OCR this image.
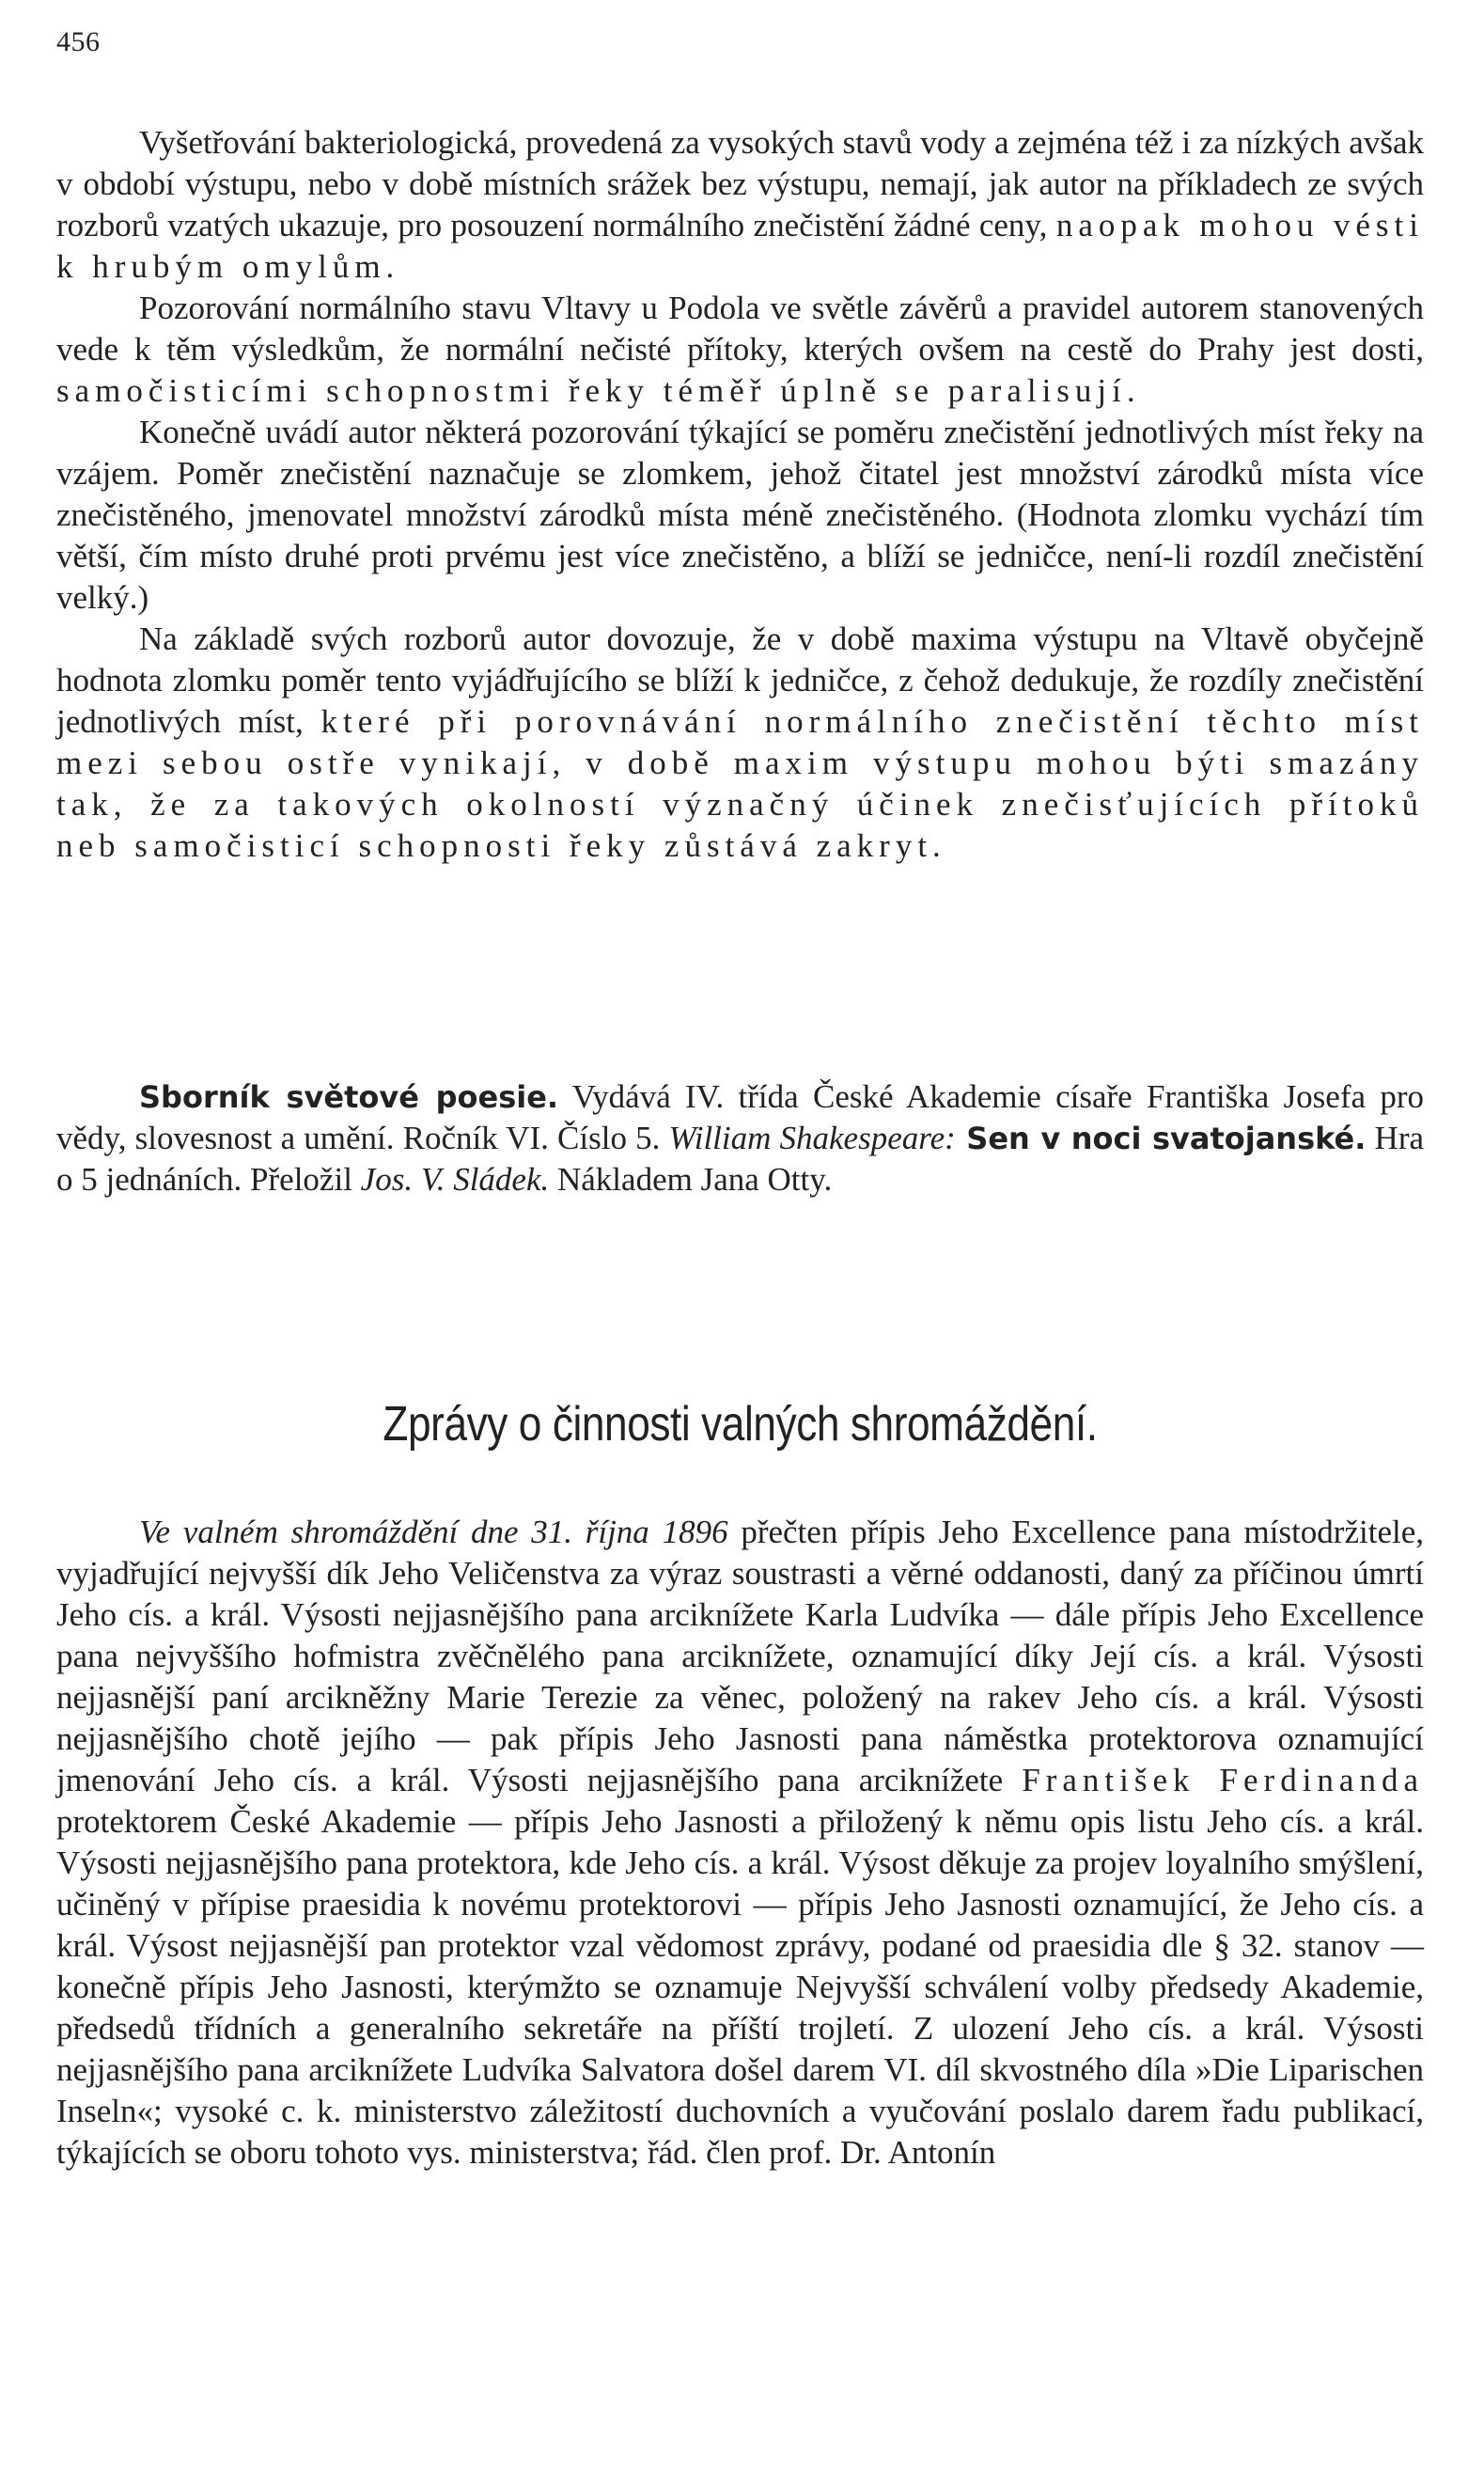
456

Vyšetřování bakteriologická, provedená za vysokých stavů vody a zejména též i za nízkých avšak v období výstupu, nebo v době místních srážek bez výstupu, nemají, jak autor na příkladech ze svých rozborů vzatých ukazuje, pro posouzení normálního znečistění žádné ceny, naopak mohou vésti k hrubým omylům.

Pozorování normálního stavu Vltavy u Podola ve světle závěrů a pravidel autorem stanovených vede k těm výsledkům, že normální nečisté přítoky, kterých ovšem na cestě do Prahy jest dosti, samočisticími schopnostmi řeky téměř úplně se paralisují.

Konečně uvádí autor některá pozorování týkající se poměru znečistění jednotlivých míst řeky na vzájem. Poměr znečistění naznačuje se zlomkem, jehož čitatel jest množství zárodků místa více znečistěného, jmenovatel množství zárodků místa méně znečistěného. (Hodnota zlomku vychází tím větší, čím místo druhé proti prvému jest více znečistěno, a blíží se jedničce, není-li rozdíl znečistění velký.)

Na základě svých rozborů autor dovozuje, že v době maxima výstupu na Vltavě obyčejně hodnota zlomku poměr tento vyjádřujícího se blíží k jedničce, z čehož dedukuje, že rozdíly znečistění jednotlivých míst, které při porovnávání normálního znečistění těchto míst mezi sebou ostře vynikají, v době maxim výstupu mohou býti smazány tak, že za takových okolností význačný účinek znečisťujících přítoků neb samočisticí schopnosti řeky zůstává zakryt.

Sborník světové poesie. Vydává IV. třída České Akademie císaře Františka Josefa pro vědy, slovesnost a umění. Ročník VI. Číslo 5. William Shakespeare: Sen v noci svatojanské. Hra o 5 jednáních. Přeložil Jos. V. Sládek. Nákladem Jana Otty.

Zprávy o činnosti valných shromáždění.

Ve valném shromáždění dne 31. října 1896 přečten přípis Jeho Excellence pana místodržitele, vyjadřující nejvyšší dík Jeho Veličenstva za výraz soustrasti a věrné oddanosti, daný za příčinou úmrtí Jeho cís. a král. Výsosti nejjasnějšího pana arciknížete Karla Ludvíka — dále přípis Jeho Excellence pana nejvyššího hofmistra zvěčnělého pana arciknížete, oznamující díky Její cís. a král. Výsosti nejjasnější paní arcikněžny Marie Terezie za věnec, položený na rakev Jeho cís. a král. Výsosti nejjasnějšího chotě jejího — pak přípis Jeho Jasnosti pana náměstka protektorova oznamující jmenování Jeho cís. a král. Výsosti nejjasnějšího pana arciknížete František Ferdinanda protektorem České Akademie — přípis Jeho Jasnosti a přiložený k němu opis listu Jeho cís. a král. Výsosti nejjasnějšího pana protektora, kde Jeho cís. a král. Výsost děkuje za projev loyalního smýšlení, učiněný v přípise praesidia k novému protektorovi — přípis Jeho Jasnosti oznamující, že Jeho cís. a král. Výsost nejjasnější pan protektor vzal vědomost zprávy, podané od praesidia dle § 32. stanov — konečně přípis Jeho Jasnosti, kterýmžto se oznamuje Nejvyšší schválení volby předsedy Akademie, předsedů třídních a generalního sekretáře na příští trojletí. Z ulození Jeho cís. a král. Výsosti nejjasnějšího pana arciknížete Ludvíka Salvatora došel darem VI. díl skvostného díla »Die Liparischen Inseln«; vysoké c. k. ministerstvo záležitostí duchovních a vyučování poslalo darem řadu publikací, týkajících se oboru tohoto vys. ministerstva; řád. člen prof. Dr. Antonín
